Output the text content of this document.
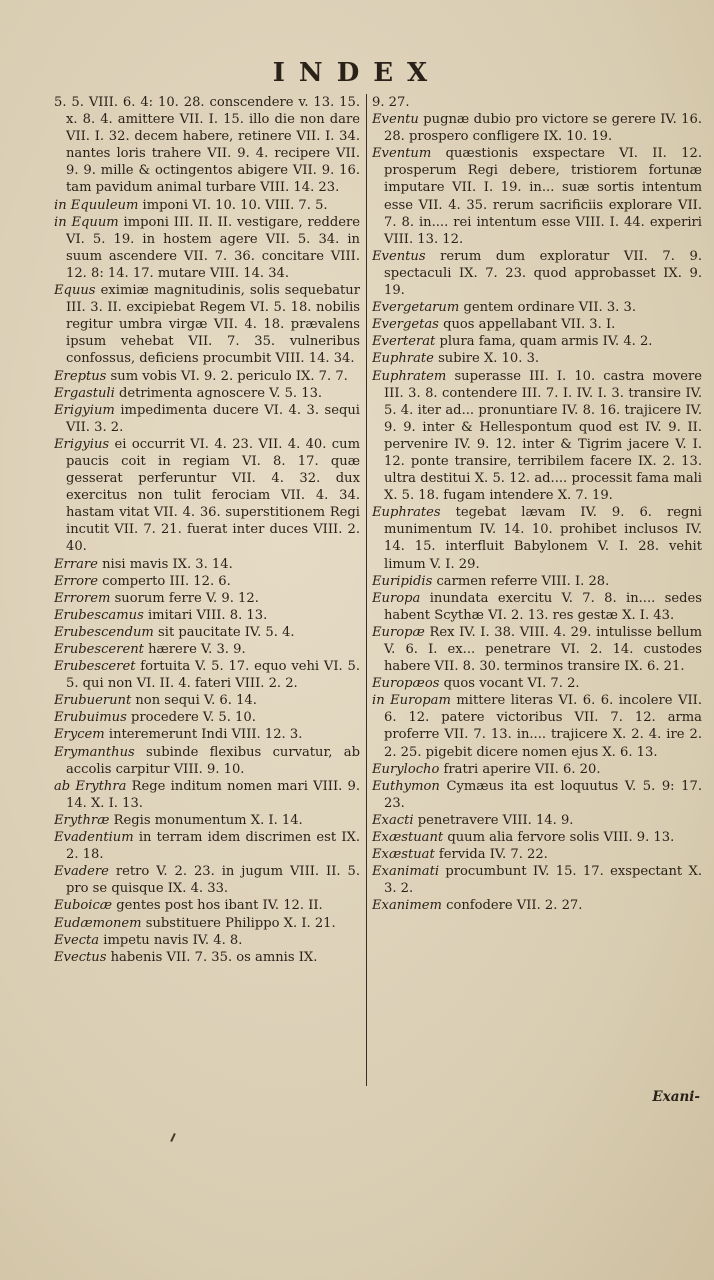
INDEX

5. 5. VIII. 6. 4: 10. 28. conscendere v. 13. 15. x. 8. 4. amittere VII. I. 15. illo die non dare VII. I. 32. decem habere, retinere VII. I. 34. nantes loris trahere VII. 9. 4. recipere VII. 9. 9. mille & octingentos abigere VII. 9. 16. tam pavidum animal turbare VIII. 14. 23.

in Equuleum imponi VI. 10. 10. VIII. 7. 5.

in Equum imponi III. II. II. vestigare, reddere VI. 5. 19. in hostem agere VII. 5. 34. in suum ascendere VII. 7. 36. concitare VIII. 12. 8: 14. 17. mutare VIII. 14. 34.

Equus eximiæ magnitudinis, solis sequebatur III. 3. II. excipiebat Regem VI. 5. 18. nobilis regitur umbra virgæ VII. 4. 18. prævalens ipsum vehebat VII. 7. 35. vulneribus confossus, deficiens procumbit VIII. 14. 34.

Ereptus sum vobis VI. 9. 2. periculo IX. 7. 7.

Ergastuli detrimenta agnoscere V. 5. 13.

Erigyium impedimenta ducere VI. 4. 3. sequi VII. 3. 2.

Erigyius ei occurrit VI. 4. 23. VII. 4. 40. cum paucis coit in regiam VI. 8. 17. quæ gesserat perferuntur VII. 4. 32. dux exercitus non tulit ferociam VII. 4. 34. hastam vitat VII. 4. 36. superstitionem Regi incutit VII. 7. 21. fuerat inter duces VIII. 2. 40.

Errare nisi mavis IX. 3. 14.

Errore comperto III. 12. 6.

Errorem suorum ferre V. 9. 12.

Erubescamus imitari VIII. 8. 13.

Erubescendum sit paucitate IV. 5. 4.

Erubescerent hærere V. 3. 9.

Erubesceret fortuita V. 5. 17. equo vehi VI. 5. 5. qui non VI. II. 4. fateri VIII. 2. 2.

Erubuerunt non sequi V. 6. 14.

Erubuimus procedere V. 5. 10.

Erycem interemerunt Indi VIII. 12. 3.

Erymanthus subinde flexibus curvatur, ab accolis carpitur VIII. 9. 10.

ab Erythra Rege inditum nomen mari VIII. 9. 14. X. I. 13.

Erythræ Regis monumentum X. I. 14.

Evadentium in terram idem discrimen est IX. 2. 18.

Evadere retro V. 2. 23. in jugum VIII. II. 5. pro se quisque IX. 4. 33.

Euboicæ gentes post hos ibant IV. 12. II.

Eudæmonem substituere Philippo X. I. 21.

Evecta impetu navis IV. 4. 8.

Evectus habenis VII. 7. 35. os amnis IX.

9. 27.

Eventu pugnæ dubio pro victore se gerere IV. 16. 28. prospero confligere IX. 10. 19.

Eventum quæstionis exspectare VI. II. 12. prosperum Regi debere, tristiorem fortunæ imputare VII. I. 19. in... suæ sortis intentum esse VII. 4. 35. rerum sacrificiis explorare VII. 7. 8. in.... rei intentum esse VIII. I. 44. experiri VIII. 13. 12.

Eventus rerum dum exploratur VII. 7. 9. spectaculi IX. 7. 23. quod approbasset IX. 9. 19.

Evergetarum gentem ordinare VII. 3. 3.

Evergetas quos appellabant VII. 3. I.

Everterat plura fama, quam armis IV. 4. 2.

Euphrate subire X. 10. 3.

Euphratem superasse III. I. 10. castra movere III. 3. 8. contendere III. 7. I. IV. I. 3. transire IV. 5. 4. iter ad... pronuntiare IV. 8. 16. trajicere IV. 9. 9. inter & Hellespontum quod est IV. 9. II. pervenire IV. 9. 12. inter & Tigrim jacere V. I. 12. ponte transire, terribilem facere IX. 2. 13. ultra destitui X. 5. 12. ad.... processit fama mali X. 5. 18. fugam intendere X. 7. 19.

Euphrates tegebat lævam IV. 9. 6. regni munimentum IV. 14. 10. prohibet inclusos IV. 14. 15. interfluit Babylonem V. I. 28. vehit limum V. I. 29.

Euripidis carmen referre VIII. I. 28.

Europa inundata exercitu V. 7. 8. in.... sedes habent Scythæ VI. 2. 13. res gestæ X. I. 43.

Europæ Rex IV. I. 38. VIII. 4. 29. intulisse bellum V. 6. I. ex... penetrare VI. 2. 14. custodes habere VII. 8. 30. terminos transire IX. 6. 21.

Europæos quos vocant VI. 7. 2.

in Europam mittere literas VI. 6. 6. incolere VII. 6. 12. patere victoribus VII. 7. 12. arma proferre VII. 7. 13. in.... trajicere X. 2. 4. ire 2. 2. 25. pigebit dicere nomen ejus X. 6. 13.

Eurylocho fratri aperire VII. 6. 20.

Euthymon Cymæus ita est loquutus V. 5. 9: 17. 23.

Exacti penetravere VIII. 14. 9.

Exæstuant quum alia fervore solis VIII. 9. 13.

Exæstuat fervida IV. 7. 22.

Exanimati procumbunt IV. 15. 17. exspectant X. 3. 2.

Exanimem confodere VII. 2. 27.

Exani-
